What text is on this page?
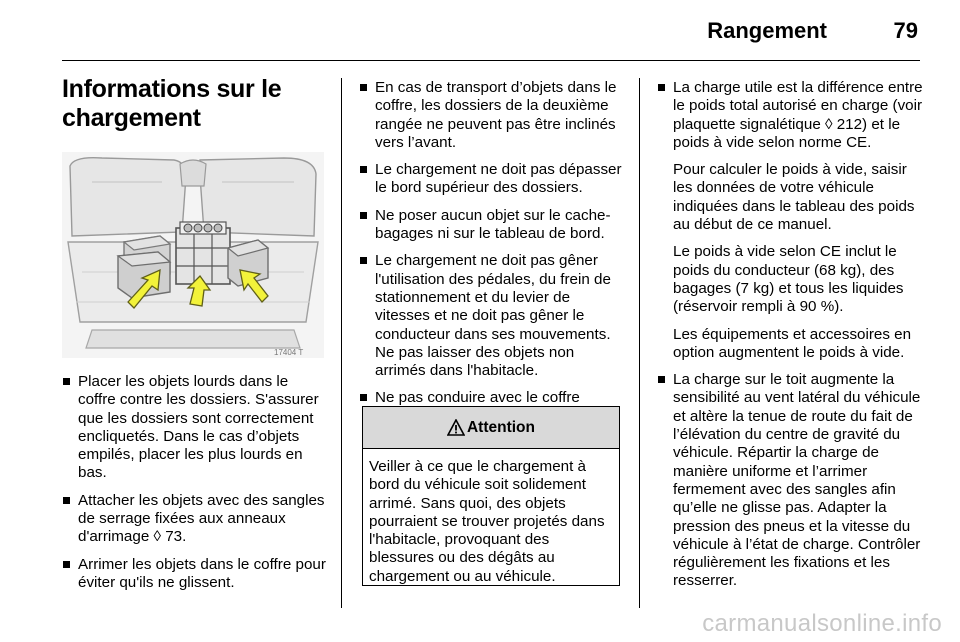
Rangement	79
Informations sur le chargement
17404 T
Placer les objets lourds dans le coffre contre les dossiers. S'assurer que les dossiers sont correctement encliquetés. Dans le cas d’objets empilés, placer les plus lourds en bas.
Attacher les objets avec des sangles de serrage fixées aux anneaux d'arrimage ◊ 73.
Arrimer les objets dans le coffre pour éviter qu'ils ne glissent.
En cas de transport d’objets dans le coffre, les dossiers de la deuxième rangée ne peuvent pas être inclinés vers l’avant.
Le chargement ne doit pas dépasser le bord supérieur des dossiers.
Ne poser aucun objet sur le cache-bagages ni sur le tableau de bord.
Le chargement ne doit pas gêner l'utilisation des pédales, du frein de stationnement et du levier de vitesses et ne doit pas gêner le conducteur dans ses mouvements. Ne pas laisser des objets non arrimés dans l'habitacle.
Ne pas conduire avec le coffre
Attention
Veiller à ce que le chargement à bord du véhicule soit solidement arrimé. Sans quoi, des objets pourraient se trouver projetés dans l'habitacle, provoquant des blessures ou des dégâts au chargement ou au véhicule.
La charge utile est la différence entre le poids total autorisé en charge (voir plaquette signalétique ◊ 212) et le poids à vide selon norme CE.
Pour calculer le poids à vide, saisir les données de votre véhicule indiquées dans le tableau des poids au début de ce manuel.
Le poids à vide selon CE inclut le poids du conducteur (68 kg), des bagages (7 kg) et tous les liquides (réservoir rempli à 90 %).
Les équipements et accessoires en option augmentent le poids à vide.
La charge sur le toit augmente la sensibilité au vent latéral du véhicule et altère la tenue de route du fait de l’élévation du centre de gravité du véhicule. Répartir la charge de manière uniforme et l’arrimer fermement avec des sangles afin qu’elle ne glisse pas. Adapter la pression des pneus et la vitesse du véhicule à l’état de charge. Contrôler régulièrement les fixations et les resserrer.
carmanualsonline.info
